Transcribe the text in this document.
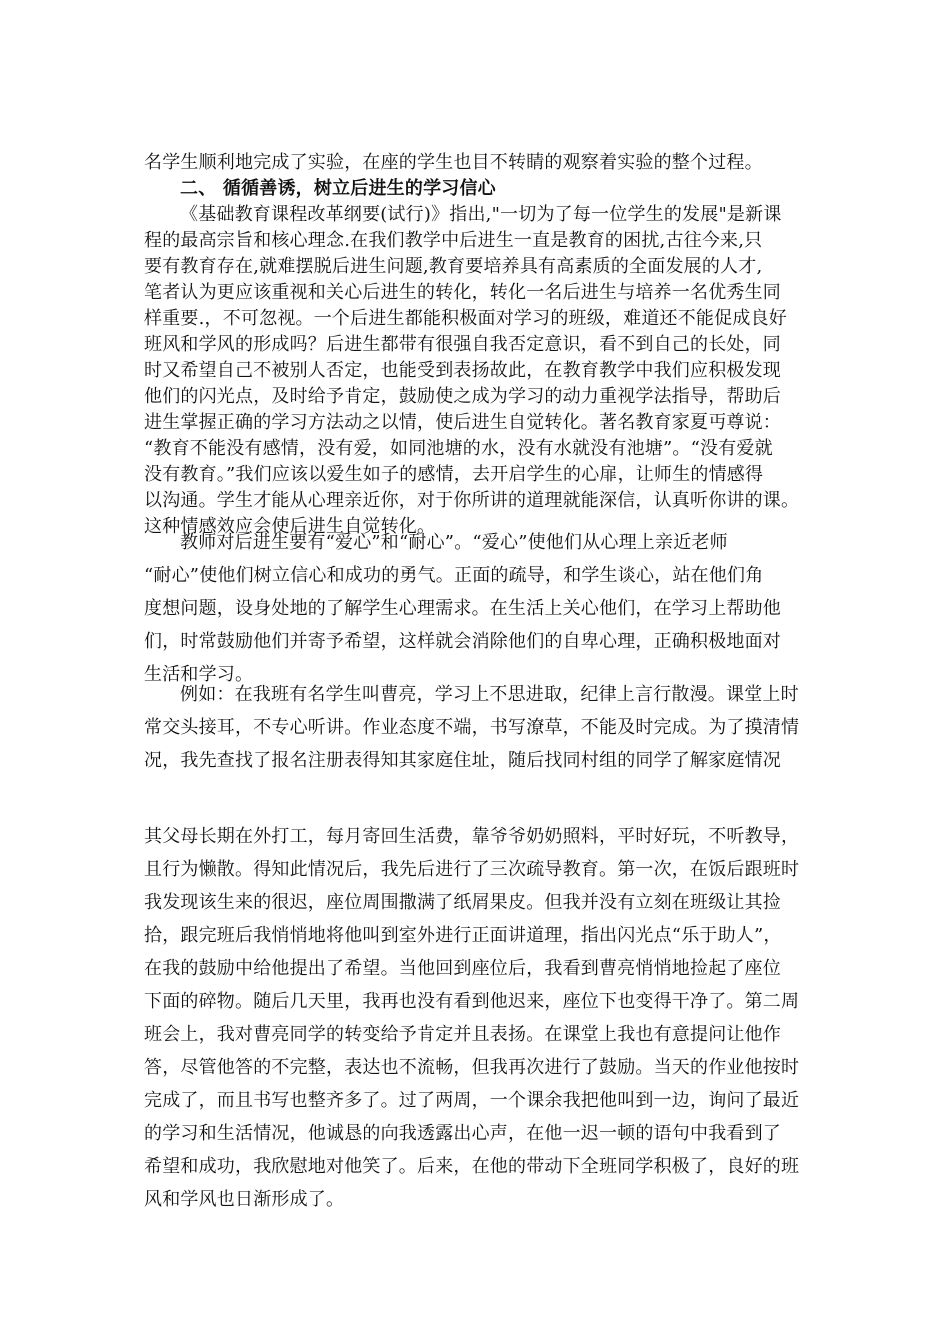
名学生顺利地完成了实验，在座的学生也目不转睛的观察着实验的整个过程。
二、 循循善诱，树立后进生的学习信心
《基础教育课程改革纲要(试行)》指出,"一切为了每一位学生的发展"是新课
程的最高宗旨和核心理念.在我们教学中后进生一直是教育的困扰,古往今来,只
要有教育存在,就难摆脱后进生问题,教育要培养具有高素质的全面发展的人才,
笔者认为更应该重视和关心后进生的转化，转化一名后进生与培养一名优秀生同
样重要.，不可忽视。一个后进生都能积极面对学习的班级，难道还不能促成良好
班风和学风的形成吗？后进生都带有很强自我否定意识，看不到自己的长处，同
时又希望自己不被别人否定，也能受到表扬故此，在教育教学中我们应积极发现
他们的闪光点，及时给予肯定，鼓励使之成为学习的动力重视学法指导，帮助后
进生掌握正确的学习方法动之以情，使后进生自觉转化。著名教育家夏丏尊说：
“教育不能没有感情，没有爱，如同池塘的水，没有水就没有池塘”。“没有爱就
没有教育。”我们应该以爱生如子的感情，去开启学生的心扉，让师生的情感得
以沟通。学生才能从心理亲近你，对于你所讲的道理就能深信，认真听你讲的课。
这种情感效应会使后进生自觉转化。
教师对后进生要有“爱心”和“耐心”。“爱心”使他们从心理上亲近老师
“耐心”使他们树立信心和成功的勇气。正面的疏导，和学生谈心，站在他们角
度想问题，设身处地的了解学生心理需求。在生活上关心他们，在学习上帮助他
们，时常鼓励他们并寄予希望，这样就会消除他们的自卑心理，正确积极地面对
生活和学习。
例如：在我班有名学生叫曹亮，学习上不思进取，纪律上言行散漫。课堂上时
常交头接耳，不专心听讲。作业态度不端，书写潦草，不能及时完成。为了摸清情
况，我先查找了报名注册表得知其家庭住址，随后找同村组的同学了解家庭情况
其父母长期在外打工，每月寄回生活费，靠爷爷奶奶照料，平时好玩，不听教导，
且行为懒散。得知此情况后，我先后进行了三次疏导教育。第一次，在饭后跟班时
我发现该生来的很迟，座位周围撒满了纸屑果皮。但我并没有立刻在班级让其捡
拾，跟完班后我悄悄地将他叫到室外进行正面讲道理，指出闪光点“乐于助人”，
在我的鼓励中给他提出了希望。当他回到座位后，我看到曹亮悄悄地捡起了座位
下面的碎物。随后几天里，我再也没有看到他迟来，座位下也变得干净了。第二周
班会上，我对曹亮同学的转变给予肯定并且表扬。在课堂上我也有意提问让他作
答，尽管他答的不完整，表达也不流畅，但我再次进行了鼓励。当天的作业他按时
完成了，而且书写也整齐多了。过了两周，一个课余我把他叫到一边，询问了最近
的学习和生活情况，他诚恳的向我透露出心声，在他一迟一顿的语句中我看到了
希望和成功，我欣慰地对他笑了。后来，在他的带动下全班同学积极了，良好的班
风和学风也日渐形成了。
